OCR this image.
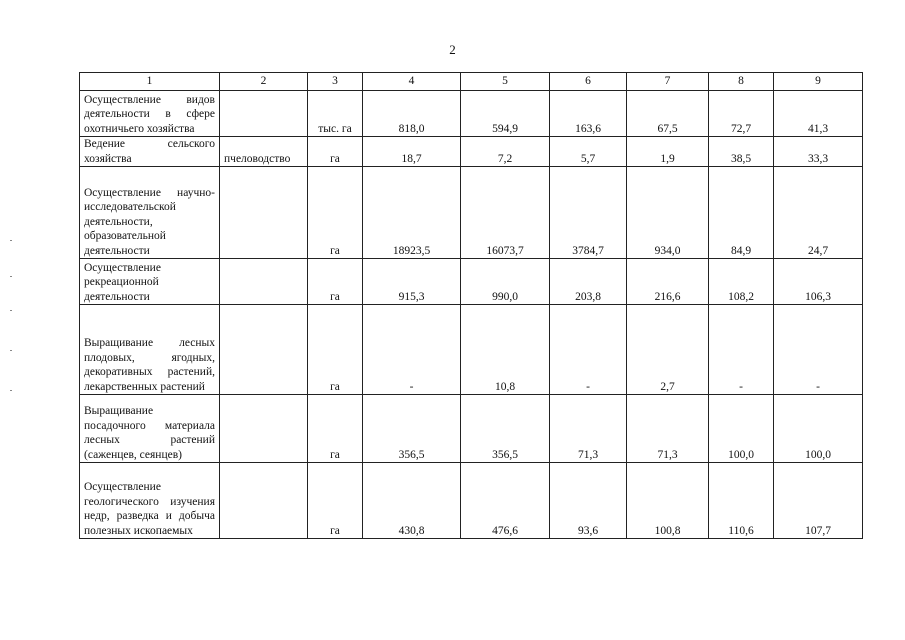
2
1	2	3	4	5	6	7	8	9
Осуществление видов деятельности в сфере охотничьего хозяйства		тыс. га	818,0	594,9	163,6	67,5	72,7	41,3
Ведение сельского хозяйства	пчеловодство	га	18,7	7,2	5,7	1,9	38,5	33,3
Осуществление научно-исследовательской деятельности, образовательной деятельности		га	18923,5	16073,7	3784,7	934,0	84,9	24,7
Осуществление рекреационной деятельности		га	915,3	990,0	203,8	216,6	108,2	106,3
Выращивание лесных плодовых, ягодных, декоративных растений, лекарственных растений		га	-	10,8	-	2,7	-	-
Выращивание посадочного материала лесных растений (саженцев, сеянцев)		га	356,5	356,5	71,3	71,3	100,0	100,0
Осуществление геологического изучения недр, разведка и добыча полезных ископаемых		га	430,8	476,6	93,6	100,8	110,6	107,7
